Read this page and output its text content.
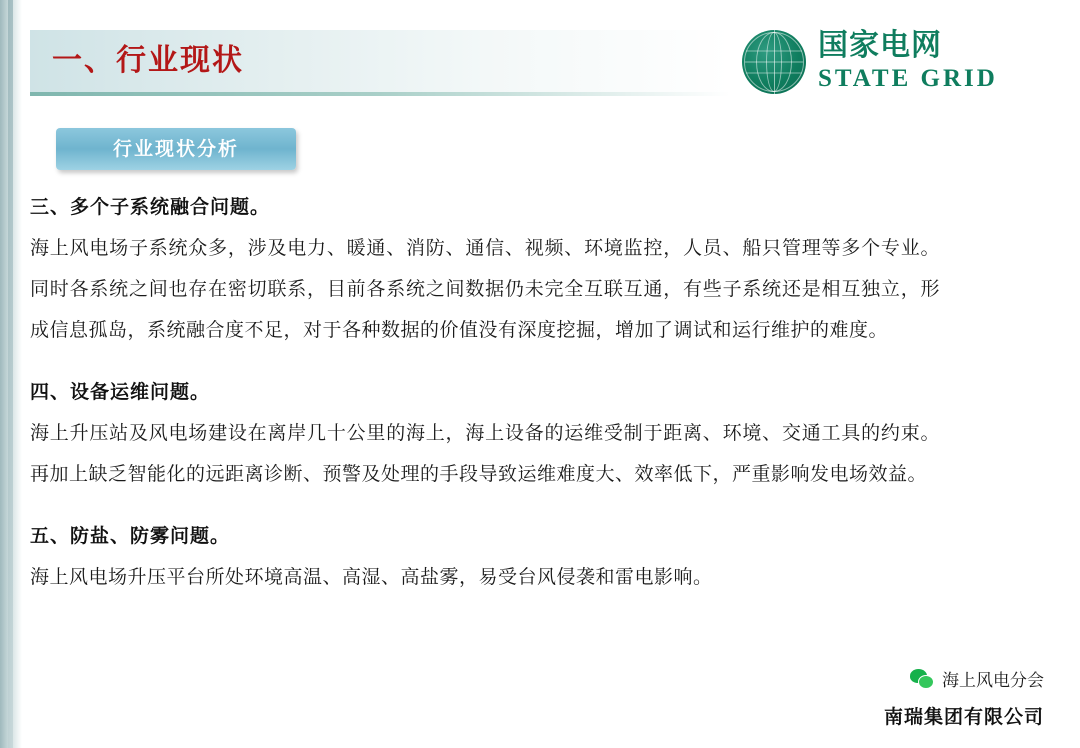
一、行业现状	国家电网
STATE GRID
行业现状分析

三、多个子系统融合问题。

海上风电场子系统众多，涉及电力、暖通、消防、通信、视频、环境监控，人员、船只管理等多个专业。同时各系统之间也存在密切联系，目前各系统之间数据仍未完全互联互通，有些子系统还是相互独立，形成信息孤岛，系统融合度不足，对于各种数据的价值没有深度挖掘，增加了调试和运行维护的难度。

四、设备运维问题。

海上升压站及风电场建设在离岸几十公里的海上，海上设备的运维受制于距离、环境、交通工具的约束。再加上缺乏智能化的远距离诊断、预警及处理的手段导致运维难度大、效率低下，严重影响发电场效益。

五、防盐、防雾问题。

海上风电场升压平台所处环境高温、高湿、高盐雾，易受台风侵袭和雷电影响。

海上风电分会
南瑞集团有限公司
